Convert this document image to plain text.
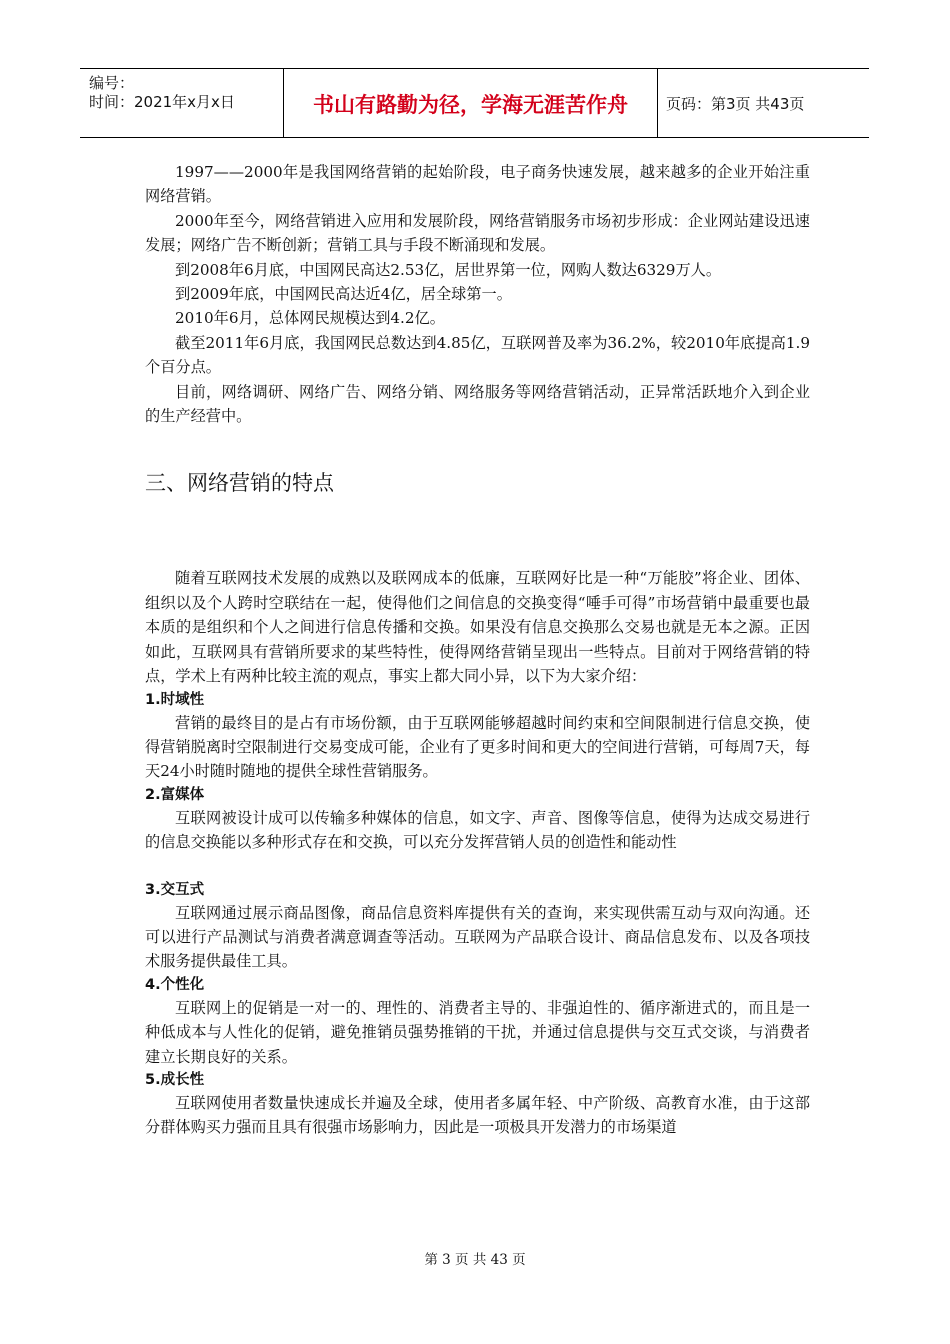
编号：
时间：2021年x月x日	书山有路勤为径，学海无涯苦作舟	页码：第3页 共43页

1997——2000年是我国网络营销的起始阶段，电子商务快速发展，越来越多的企业开始注重网络营销。

2000年至今，网络营销进入应用和发展阶段，网络营销服务市场初步形成：企业网站建设迅速发展；网络广告不断创新；营销工具与手段不断涌现和发展。

到2008年6月底，中国网民高达2.53亿，居世界第一位，网购人数达6329万人。

到2009年底，中国网民高达近4亿，居全球第一。

2010年6月，总体网民规模达到4.2亿。

截至2011年6月底，我国网民总数达到4.85亿，互联网普及率为36.2%，较2010年底提高1.9个百分点。

目前，网络调研、网络广告、网络分销、网络服务等网络营销活动，正异常活跃地介入到企业的生产经营中。

三、网络营销的特点

随着互联网技术发展的成熟以及联网成本的低廉，互联网好比是一种“万能胶”将企业、团体、组织以及个人跨时空联结在一起，使得他们之间信息的交换变得“唾手可得”市场营销中最重要也最本质的是组织和个人之间进行信息传播和交换。如果没有信息交换那么交易也就是无本之源。正因如此，互联网具有营销所要求的某些特性，使得网络营销呈现出一些特点。目前对于网络营销的特点，学术上有两种比较主流的观点，事实上都大同小异，以下为大家介绍：

1.时域性

营销的最终目的是占有市场份额，由于互联网能够超越时间约束和空间限制进行信息交换，使得营销脱离时空限制进行交易变成可能，企业有了更多时间和更大的空间进行营销，可每周7天，每天24小时随时随地的提供全球性营销服务。

2.富媒体

互联网被设计成可以传输多种媒体的信息，如文字、声音、图像等信息，使得为达成交易进行的信息交换能以多种形式存在和交换，可以充分发挥营销人员的创造性和能动性

3.交互式

互联网通过展示商品图像，商品信息资料库提供有关的查询，来实现供需互动与双向沟通。还可以进行产品测试与消费者满意调查等活动。互联网为产品联合设计、商品信息发布、以及各项技术服务提供最佳工具。

4.个性化

互联网上的促销是一对一的、理性的、消费者主导的、非强迫性的、循序渐进式的，而且是一种低成本与人性化的促销，避免推销员强势推销的干扰，并通过信息提供与交互式交谈，与消费者建立长期良好的关系。

5.成长性

互联网使用者数量快速成长并遍及全球，使用者多属年轻、中产阶级、高教育水准，由于这部分群体购买力强而且具有很强市场影响力，因此是一项极具开发潜力的市场渠道

第 3 页 共 43 页
